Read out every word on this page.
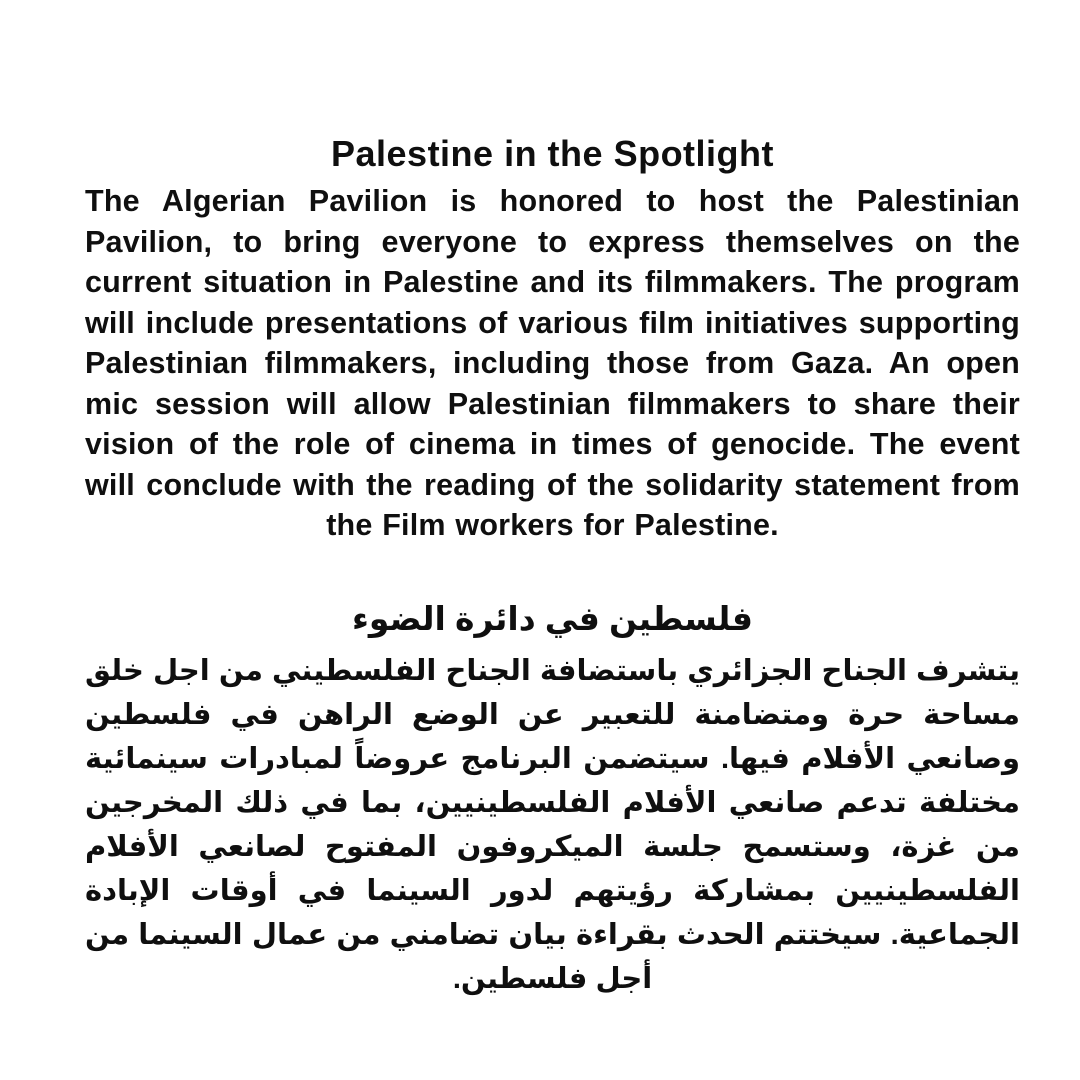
Palestine in the Spotlight

The Algerian Pavilion is honored to host the Palestinian Pavilion, to bring everyone to express themselves on the current situation in Palestine and its filmmakers. The program will include presentations of various film initiatives supporting Palestinian filmmakers, including those from Gaza. An open mic session will allow Palestinian filmmakers to share their vision of the role of cinema in times of genocide. The event will conclude with the reading of the solidarity statement from the Film workers for Palestine.

فلسطين في دائرة الضوء

يتشرف الجناح الجزائري باستضافة الجناح الفلسطيني من اجل خلق مساحة حرة ومتضامنة للتعبير عن الوضع الراهن في فلسطين وصانعي الأفلام فيها. سيتضمن البرنامج عروضاً لمبادرات سينمائية مختلفة تدعم صانعي الأفلام الفلسطينيين، بما في ذلك المخرجين من غزة، وستسمح جلسة الميكروفون المفتوح لصانعي الأفلام الفلسطينيين بمشاركة رؤيتهم لدور السينما في أوقات الإبادة الجماعية. سيختتم الحدث بقراءة بيان تضامني من عمال السينما من أجل فلسطين.
